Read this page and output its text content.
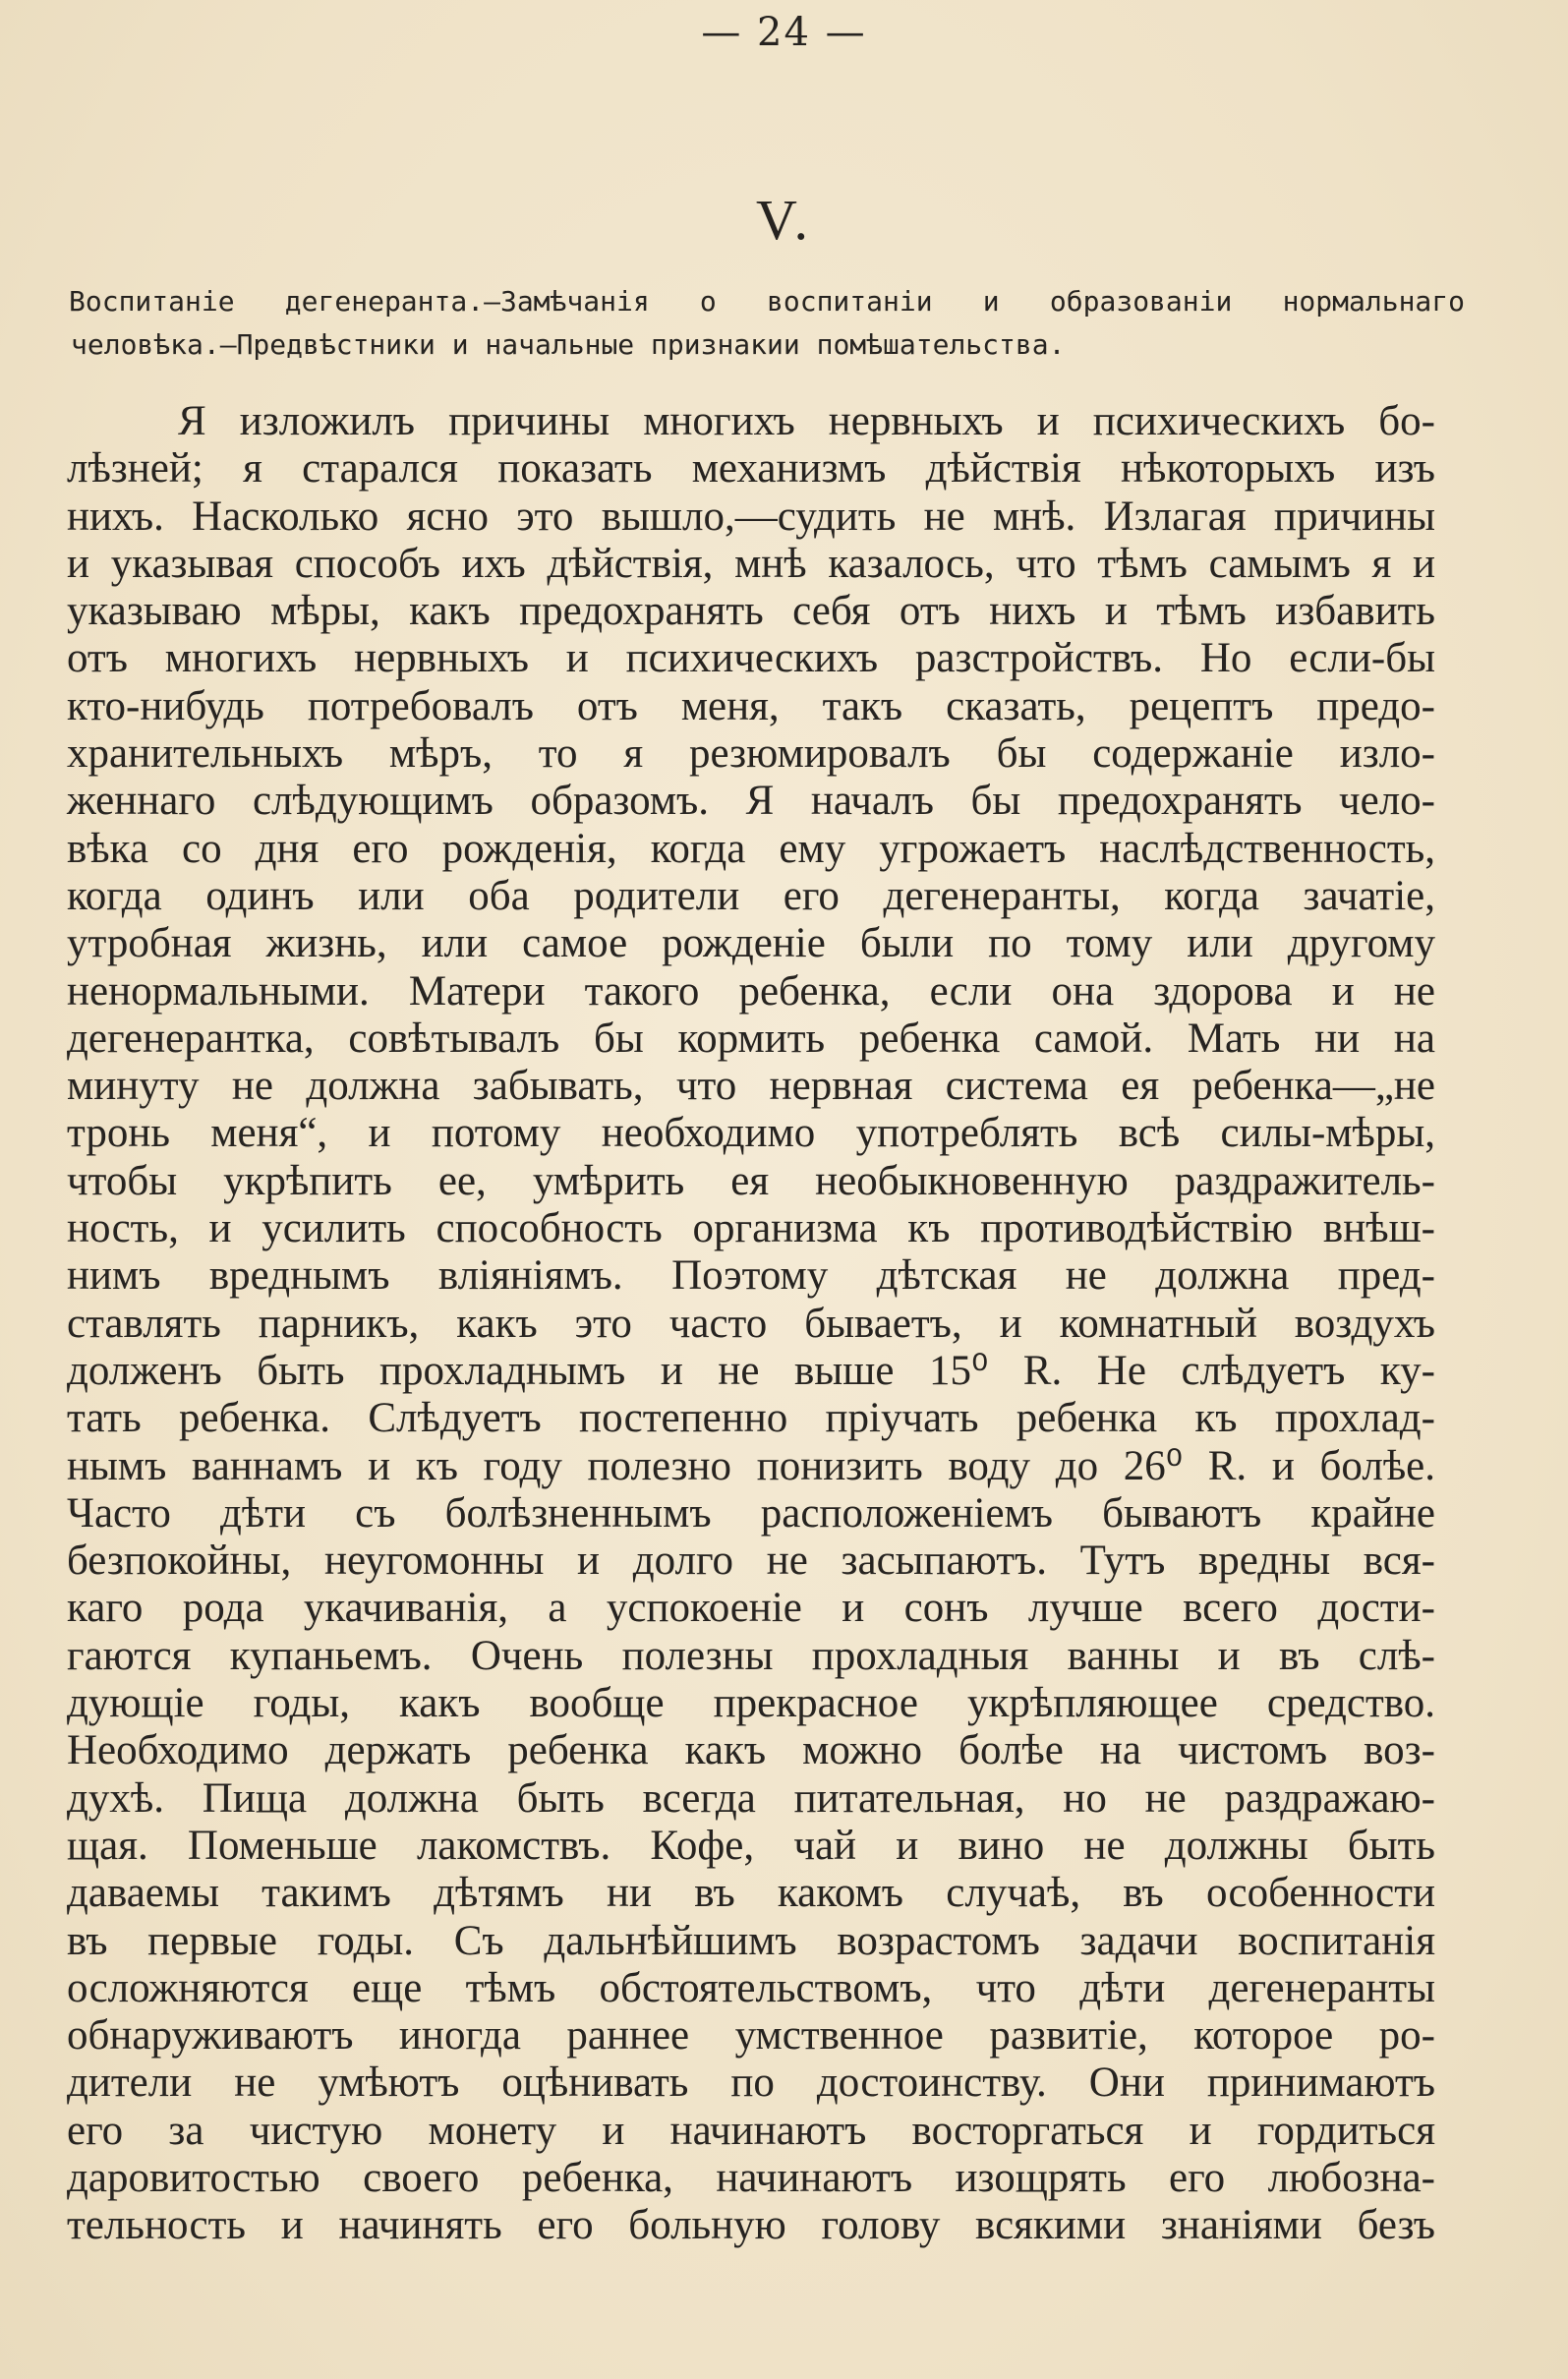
— 24 —
V.
Воспитаніе дегенеранта.—Замѣчанія о воспитаніи и образованіи нормальнаго
человѣка.—Предвѣстники и начальные признакии помѣшательства.
Я изложилъ причины многихъ нервныхъ и психическихъ бо-
лѣзней; я старался показать механизмъ дѣйствія нѣкоторыхъ изъ
нихъ. Насколько ясно это вышло,—судить не мнѣ. Излагая причины
и указывая способъ ихъ дѣйствія, мнѣ казалось, что тѣмъ самымъ я и
указываю мѣры, какъ предохранять себя отъ нихъ и тѣмъ избавить
отъ многихъ нервныхъ и психическихъ разстройствъ. Но если-бы
кто-нибудь потребовалъ отъ меня, такъ сказать, рецептъ предо-
хранительныхъ мѣръ, то я резюмировалъ бы содержаніе изло-
женнаго слѣдующимъ образомъ. Я началъ бы предохранять чело-
вѣка со дня его рожденія, когда ему угрожаетъ наслѣдственность,
когда одинъ или оба родители его дегенеранты, когда зачатіе,
утробная жизнь, или самое рожденіе были по тому или другому
ненормальными. Матери такого ребенка, если она здорова и не
дегенерантка, совѣтывалъ бы кормить ребенка самой. Мать ни на
минуту не должна забывать, что нервная система ея ребенка—„не
тронь меня“, и потому необходимо употреблять всѣ силы-мѣры,
чтобы укрѣпить ее, умѣрить ея необыкновенную раздражитель-
ность, и усилить способность организма къ противодѣйствію внѣш-
нимъ вреднымъ вліяніямъ. Поэтому дѣтская не должна пред-
ставлять парникъ, какъ это часто бываетъ, и комнатный воздухъ
долженъ быть прохладнымъ и не выше 15⁰ R. Не слѣдуетъ ку-
тать ребенка. Слѣдуетъ постепенно пріучать ребенка къ прохлад-
нымъ ваннамъ и къ году полезно понизить воду до 26⁰ R. и болѣе.
Часто дѣти съ болѣзненнымъ расположеніемъ бываютъ крайне
безпокойны, неугомонны и долго не засыпаютъ. Тутъ вредны вся-
каго рода укачиванія, а успокоеніе и сонъ лучше всего дости-
гаются купаньемъ. Очень полезны прохладныя ванны и въ слѣ-
дующіе годы, какъ вообще прекрасное укрѣпляющее средство.
Необходимо держать ребенка какъ можно болѣе на чистомъ воз-
духѣ. Пища должна быть всегда питательная, но не раздражаю-
щая. Поменьше лакомствъ. Кофе, чай и вино не должны быть
даваемы такимъ дѣтямъ ни въ какомъ случаѣ, въ особенности
въ первые годы. Съ дальнѣйшимъ возрастомъ задачи воспитанія
осложняются еще тѣмъ обстоятельствомъ, что дѣти дегенеранты
обнаруживаютъ иногда раннее умственное развитіе, которое ро-
дители не умѣютъ оцѣнивать по достоинству. Они принимаютъ
его за чистую монету и начинаютъ восторгаться и гордиться
даровитостью своего ребенка, начинаютъ изощрять его любозна-
тельность и начинять его больную голову всякими знаніями безъ
